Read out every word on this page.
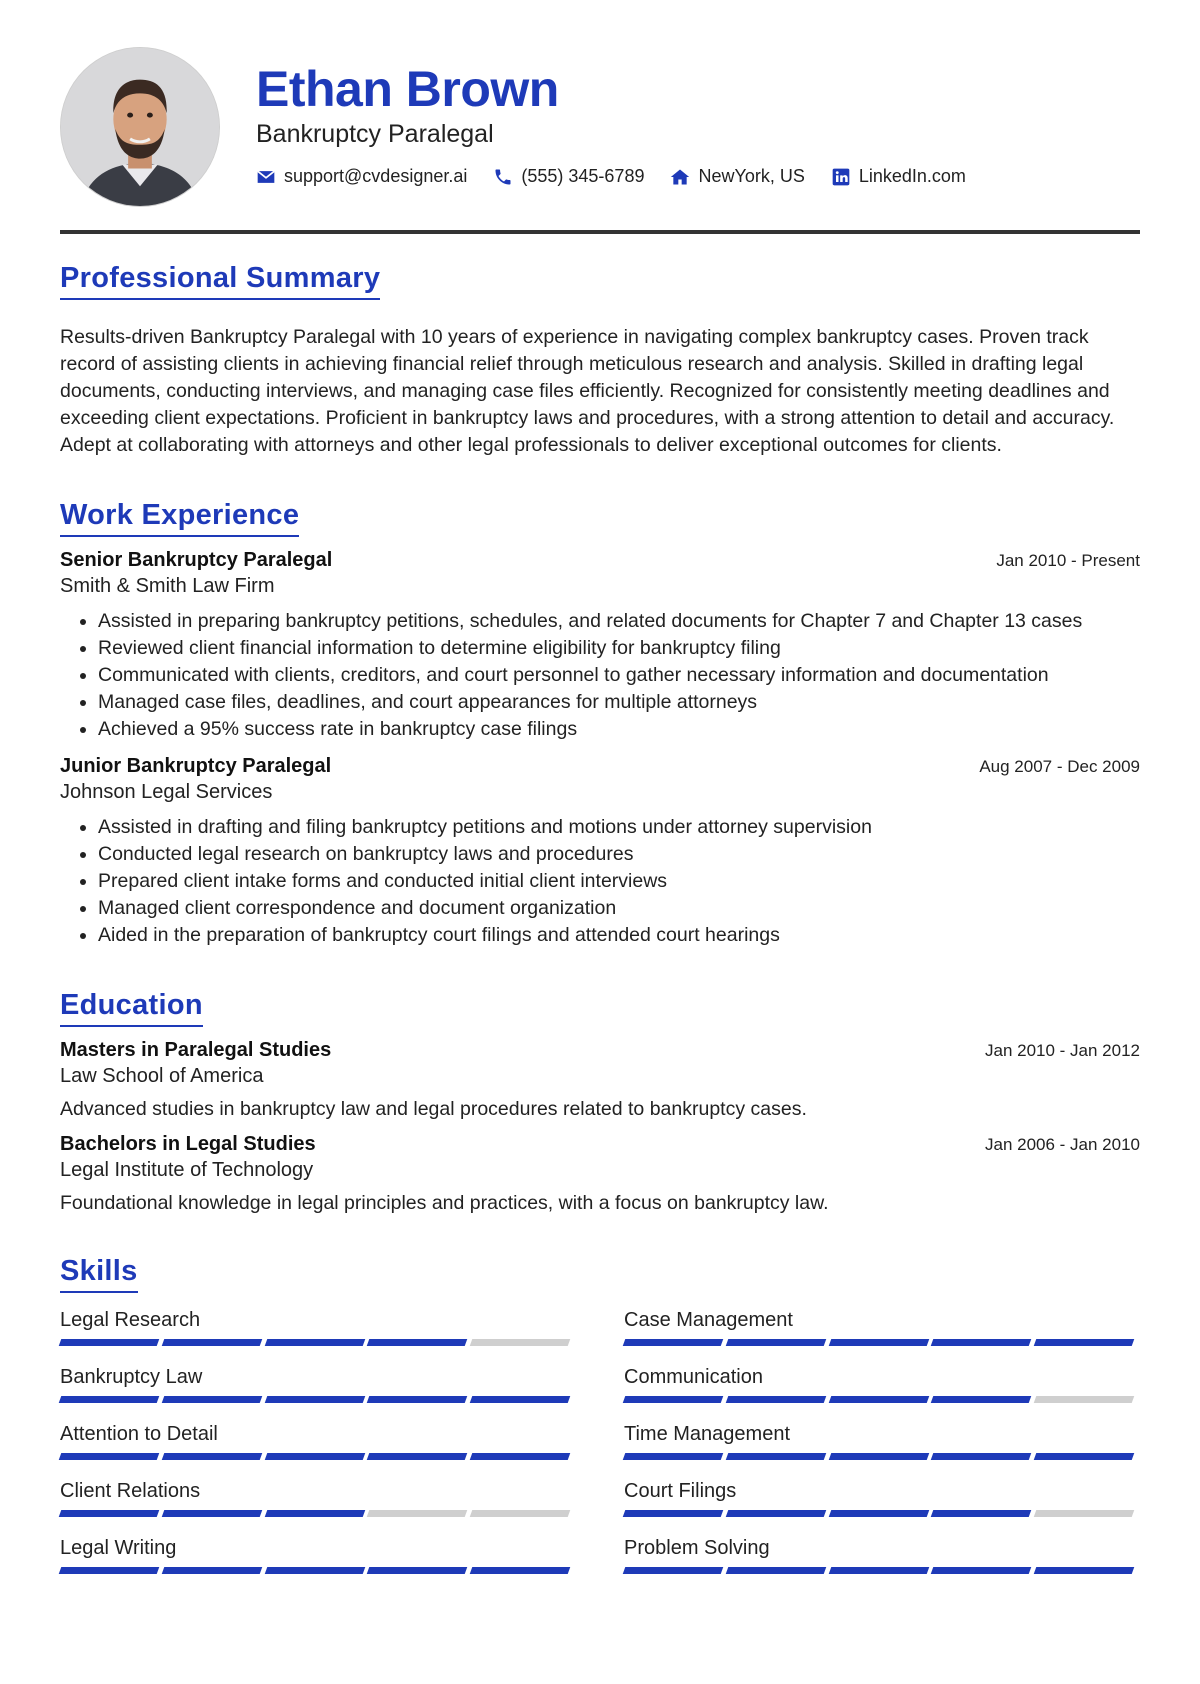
Ethan Brown
Bankruptcy Paralegal
support@cvdesigner.ai	(555) 345-6789	NewYork, US	LinkedIn.com
Professional Summary

Results-driven Bankruptcy Paralegal with 10 years of experience in navigating complex bankruptcy cases. Proven track record of assisting clients in achieving financial relief through meticulous research and analysis. Skilled in drafting legal documents, conducting interviews, and managing case files efficiently. Recognized for consistently meeting deadlines and exceeding client expectations. Proficient in bankruptcy laws and procedures, with a strong attention to detail and accuracy. Adept at collaborating with attorneys and other legal professionals to deliver exceptional outcomes for clients.

Work Experience
Senior Bankruptcy Paralegal	Jan 2010 - Present
Smith & Smith Law Firm
• Assisted in preparing bankruptcy petitions, schedules, and related documents for Chapter 7 and Chapter 13 cases
• Reviewed client financial information to determine eligibility for bankruptcy filing
• Communicated with clients, creditors, and court personnel to gather necessary information and documentation
• Managed case files, deadlines, and court appearances for multiple attorneys
• Achieved a 95% success rate in bankruptcy case filings
Junior Bankruptcy Paralegal	Aug 2007 - Dec 2009
Johnson Legal Services
• Assisted in drafting and filing bankruptcy petitions and motions under attorney supervision
• Conducted legal research on bankruptcy laws and procedures
• Prepared client intake forms and conducted initial client interviews
• Managed client correspondence and document organization
• Aided in the preparation of bankruptcy court filings and attended court hearings
Education
Masters in Paralegal Studies	Jan 2010 - Jan 2012
Law School of America
Advanced studies in bankruptcy law and legal procedures related to bankruptcy cases.
Bachelors in Legal Studies	Jan 2006 - Jan 2010
Legal Institute of Technology
Foundational knowledge in legal principles and practices, with a focus on bankruptcy law.
Skills
Legal Research	Case Management
Bankruptcy Law	Communication
Attention to Detail	Time Management
Client Relations	Court Filings
Legal Writing	Problem Solving
